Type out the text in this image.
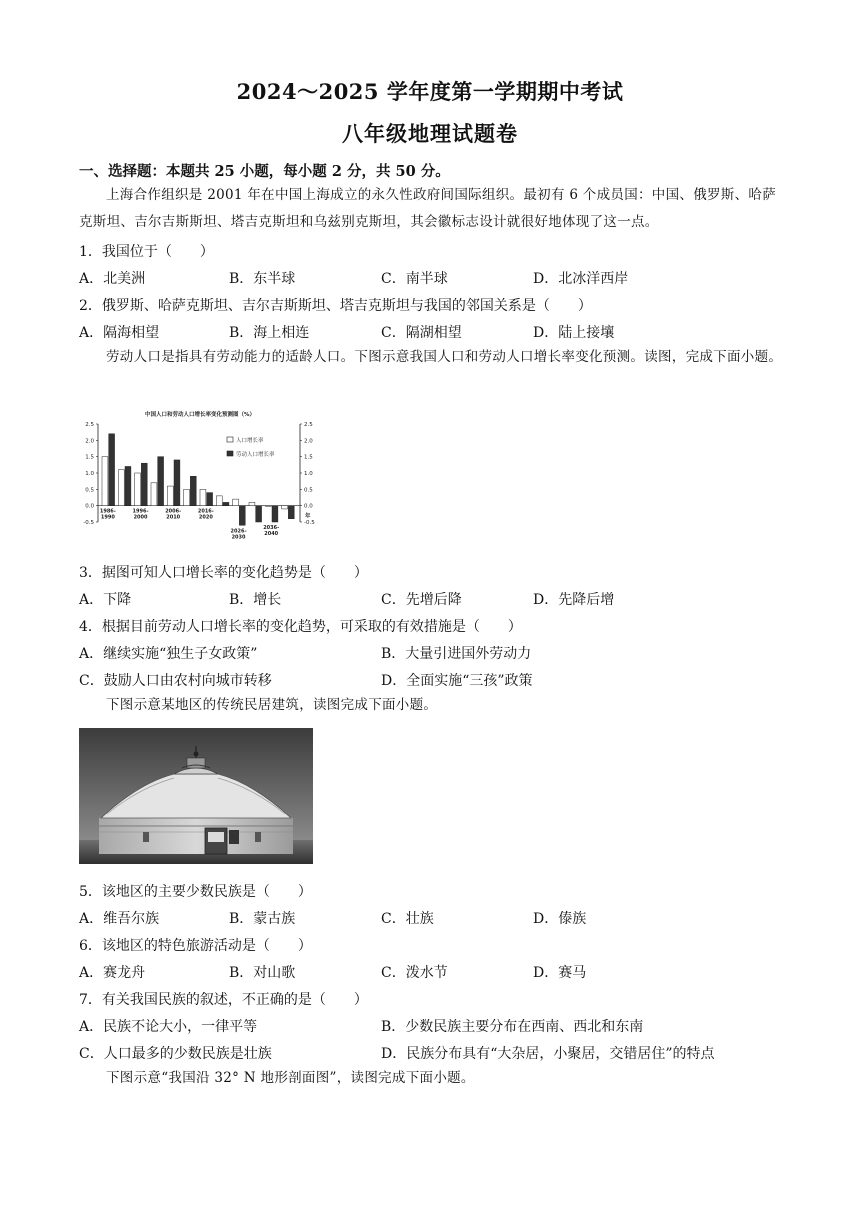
2024～2025 学年度第一学期期中考试
八年级地理试题卷
一、选择题：本题共 25 小题，每小题 2 分，共 50 分。
上海合作组织是 2001 年在中国上海成立的永久性政府间国际组织。最初有 6 个成员国：中国、俄罗斯、哈萨克斯坦、吉尔吉斯斯坦、塔吉克斯坦和乌兹别克斯坦，其会徽标志设计就很好地体现了这一点。
1．我国位于（　　）
A．北美洲	B．东半球	C．南半球	D．北冰洋西岸
2．俄罗斯、哈萨克斯坦、吉尔吉斯斯坦、塔吉克斯坦与我国的邻国关系是（　　）
A．隔海相望	B．海上相连	C．隔湖相望	D．陆上接壤
劳动人口是指具有劳动能力的适龄人口。下图示意我国人口和劳动人口增长率变化预测。读图，完成下面小题。
中国人口和劳动人口增长率变化预测图（%）
2.5	2.5
2.0	2.0
1.5	1.5
1.0	1.0
0.5	0.5
0.0	0.0
-0.5	-0.5
年
1986-
1990
1996-
2000
2006-
2010
2016-
2020
2026-
2030
2036-
2040
人口增长率
劳动人口增长率
3．据图可知人口增长率的变化趋势是（　　）
A．下降	B．增长	C．先增后降	D．先降后增
4．根据目前劳动人口增长率的变化趋势，可采取的有效措施是（　　）
A．继续实施“独生子女政策”	B．大量引进国外劳动力
C．鼓励人口由农村向城市转移	D．全面实施“三孩”政策
下图示意某地区的传统民居建筑，读图完成下面小题。
5．该地区的主要少数民族是（　　）
A．维吾尔族	B．蒙古族	C．壮族	D．傣族
6．该地区的特色旅游活动是（　　）
A．赛龙舟	B．对山歌	C．泼水节	D．赛马
7．有关我国民族的叙述，不正确的是（　　）
A．民族不论大小，一律平等	B．少数民族主要分布在西南、西北和东南
C．人口最多的少数民族是壮族	D．民族分布具有“大杂居，小聚居，交错居住”的特点
下图示意“我国沿 32° N 地形剖面图”，读图完成下面小题。
